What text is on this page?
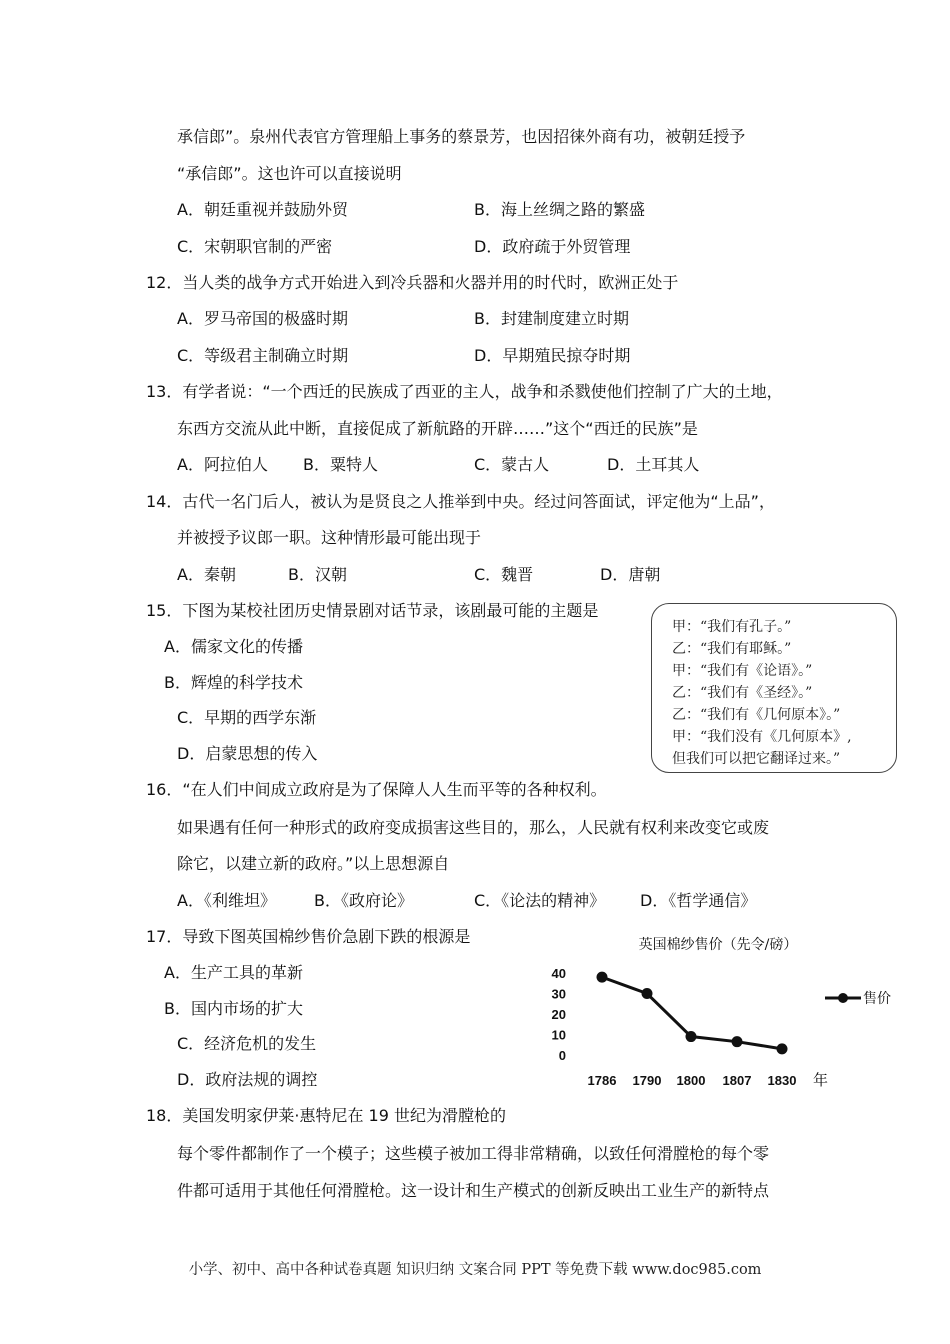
承信郎”。泉州代表官方管理船上事务的蔡景芳，也因招徕外商有功，被朝廷授予
“承信郎”。这也许可以直接说明
A．朝廷重视并鼓励外贸	B．海上丝绸之路的繁盛
C．宋朝职官制的严密	D．政府疏于外贸管理
12．当人类的战争方式开始进入到冷兵器和火器并用的时代时，欧洲正处于
A．罗马帝国的极盛时期	B．封建制度建立时期
C．等级君主制确立时期	D．早期殖民掠夺时期
13．有学者说：“一个西迁的民族成了西亚的主人，战争和杀戮使他们控制了广大的土地，
东西方交流从此中断，直接促成了新航路的开辟……”这个“西迁的民族”是
A．阿拉伯人 B．粟特人	C．蒙古人	D．土耳其人
14．古代一名门后人，被认为是贤良之人推举到中央。经过问答面试，评定他为“上品”，
并被授予议郎一职。这种情形最可能出现于
A．秦朝	B．汉朝	C．魏晋	D．唐朝
15．下图为某校社团历史情景剧对话节录，该剧最可能的主题是
A．儒家文化的传播
B．辉煌的科学技术
C．早期的西学东渐
D．启蒙思想的传入
甲：“我们有孔子。”
乙：“我们有耶稣。”
甲：“我们有《论语》。”
乙：“我们有《圣经》。”
乙：“我们有《几何原本》。”
甲：“我们没有《几何原本》,
但我们可以把它翻译过来。”
16．“在人们中间成立政府是为了保障人人生而平等的各种权利。
如果遇有任何一种形式的政府变成损害这些目的，那么，人民就有权利来改变它或废
除它，以建立新的政府。”以上思想源自
A．《利维坦》 B．《政府论》	C．《论法的精神》 D．《哲学通信》
17．导致下图英国棉纱售价急剧下跌的根源是
A．生产工具的革新
B．国内市场的扩大
C．经济危机的发生
D．政府法规的调控
英国棉纱售价（先令/磅）
0
10
20
30
40
1786 1790 1800 1807 1830 年
售价
18．美国发明家伊莱·惠特尼在 19 世纪为滑膛枪的
每个零件都制作了一个模子；这些模子被加工得非常精确，以致任何滑膛枪的每个零
件都可适用于其他任何滑膛枪。这一设计和生产模式的创新反映出工业生产的新特点
小学、初中、高中各种试卷真题 知识归纳 文案合同 PPT 等免费下载 www.doc985.com
